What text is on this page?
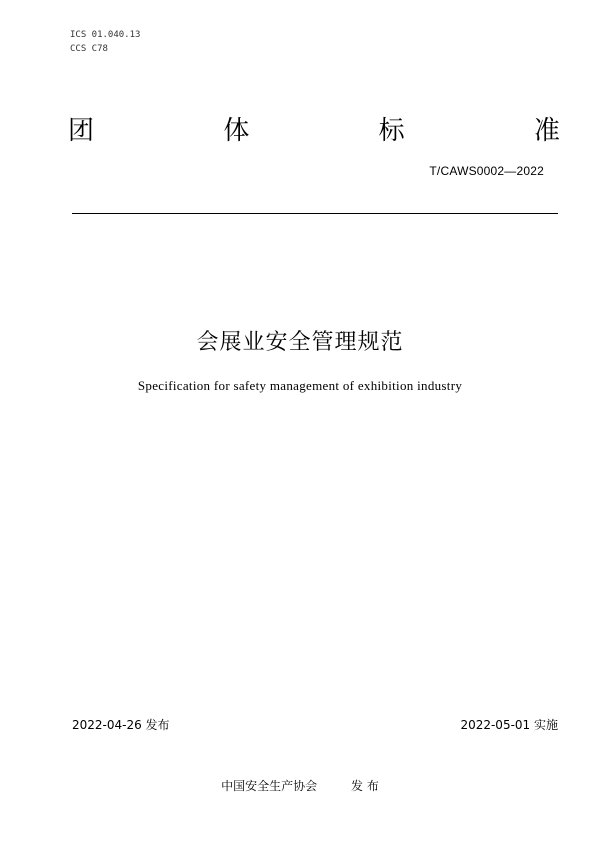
ICS 01.040.13
CCS C78
团	体	标	准
T/CAWS0002—2022
会展业安全管理规范
Specification for safety management of exhibition industry
2022-04-26 发布	2022-05-01 实施
中国安全生产协会	发 布
